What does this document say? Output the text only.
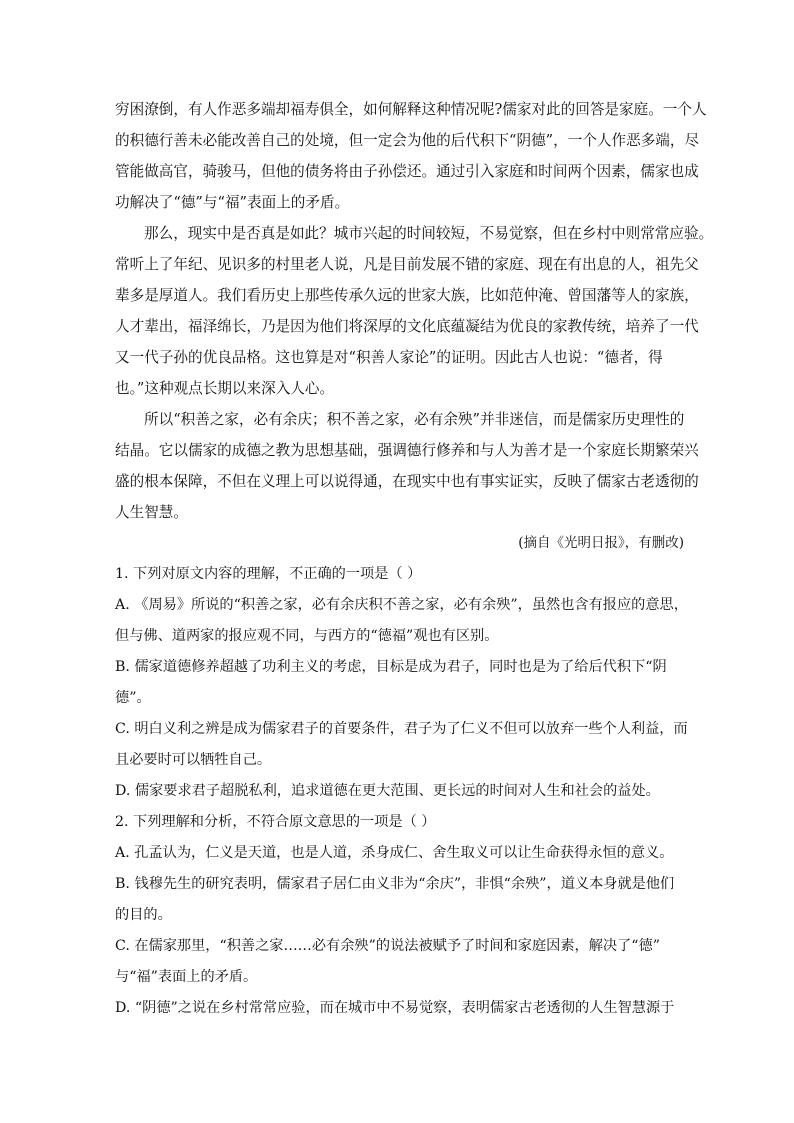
穷困潦倒，有人作恶多端却福寿俱全，如何解释这种情况呢?儒家对此的回答是家庭。一个人
的积德行善未必能改善自己的处境，但一定会为他的后代积下“阴德”，一个人作恶多端，尽
管能做高官，骑骏马，但他的债务将由子孙偿还。通过引入家庭和时间两个因素，儒家也成
功解决了“德”与“福”表面上的矛盾。
那么，现实中是否真是如此？城市兴起的时间较短，不易觉察，但在乡村中则常常应验。
常听上了年纪、见识多的村里老人说，凡是目前发展不错的家庭、现在有出息的人，祖先父
辈多是厚道人。我们看历史上那些传承久远的世家大族，比如范仲淹、曾国藩等人的家族，
人才辈出，福泽绵长，乃是因为他们将深厚的文化底蕴凝结为优良的家教传统，培养了一代
又一代子孙的优良品格。这也算是对“积善人家论”的证明。因此古人也说：“德者，得
也。”这种观点长期以来深入人心。
所以“积善之家，必有余庆；积不善之家，必有余殃”并非迷信，而是儒家历史理性的
结晶。它以儒家的成德之教为思想基础，强调德行修养和与人为善才是一个家庭长期繁荣兴
盛的根本保障，不但在义理上可以说得通，在现实中也有事实证实，反映了儒家古老透彻的
人生智慧。
(摘自《光明日报》，有删改)
1. 下列对原文内容的理解，不正确的一项是（ ）
A. 《周易》所说的“积善之家，必有余庆积不善之家，必有余殃”，虽然也含有报应的意思，
但与佛、道两家的报应观不同，与西方的“德福”观也有区别。
B. 儒家道德修养超越了功利主义的考虑，目标是成为君子，同时也是为了给后代积下“阴
德”。
C. 明白义利之辨是成为儒家君子的首要条件，君子为了仁义不但可以放弃一些个人利益，而
且必要时可以牺牲自己。
D. 儒家要求君子超脱私利，追求道德在更大范围、更长远的时间对人生和社会的益处。
2. 下列理解和分析，不符合原文意思的一项是（ ）
A. 孔孟认为，仁义是天道，也是人道，杀身成仁、舍生取义可以让生命获得永恒的意义。
B. 钱穆先生的研究表明，儒家君子居仁由义非为“余庆”，非惧“余殃”，道义本身就是他们
的目的。
C. 在儒家那里，“积善之家……必有余殃”的说法被赋予了时间和家庭因素，解决了“德”
与“福”表面上的矛盾。
D. “阴德”之说在乡村常常应验，而在城市中不易觉察，表明儒家古老透彻的人生智慧源于
